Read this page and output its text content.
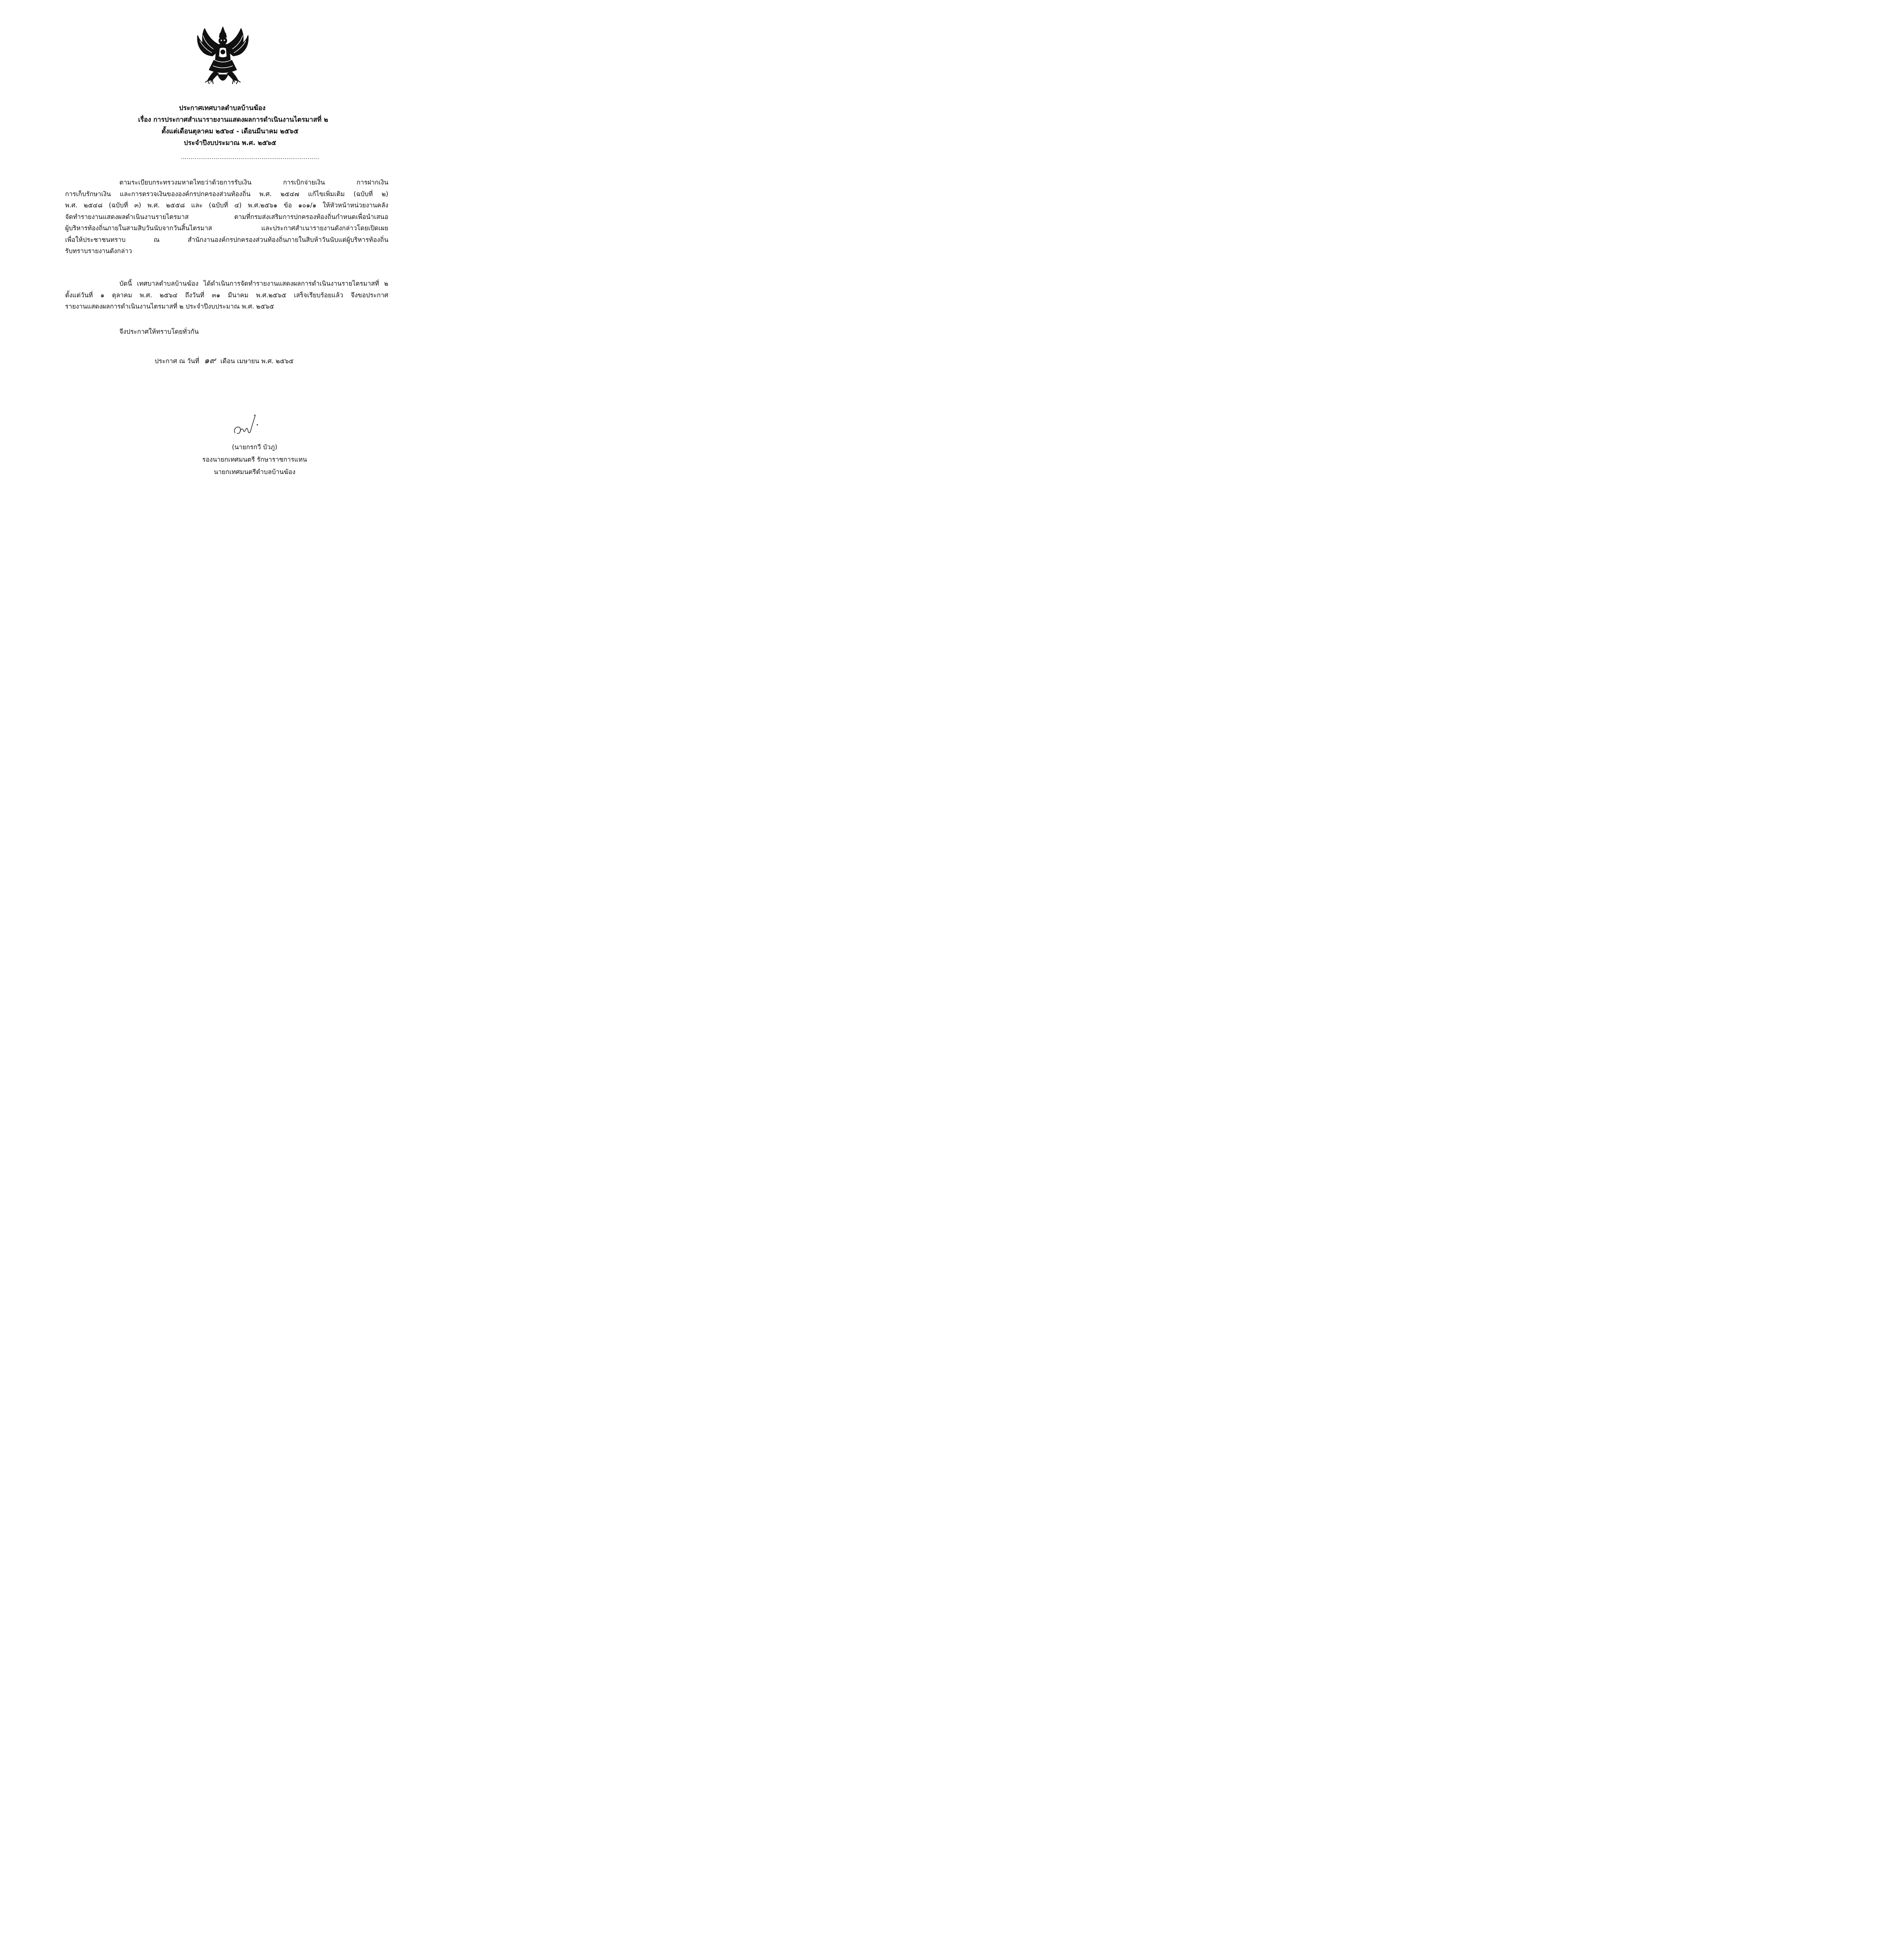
ประกาศเทศบาลตำบลบ้านฆ้อง
เรื่อง การประกาศสำเนารายงานแสดงผลการดำเนินงานไตรมาสที่ ๒
ตั้งแต่เดือนตุลาคม ๒๕๖๔ - เดือนมีนาคม ๒๕๖๕
ประจำปีงบประมาณ พ.ศ. ๒๕๖๕
........................................................................
ตามระเบียบกระทรวงมหาดไทยว่าด้วยการรับเงิน การเบิกจ่ายเงิน การฝากเงิน
การเก็บรักษาเงิน และการตรวจเงินขององค์กรปกครองส่วนท้องถิ่น พ.ศ. ๒๕๔๗ แก้ไขเพิ่มเติม (ฉบับที่ ๒)
พ.ศ. ๒๕๔๘ (ฉบับที่ ๓) พ.ศ. ๒๕๕๘ และ (ฉบับที่ ๔) พ.ศ.๒๕๖๑ ข้อ ๑๐๑/๑ ให้หัวหน้าหน่วยงานคลัง
จัดทำรายงานแสดงผลดำเนินงานรายไตรมาส ตามที่กรมส่งเสริมการปกครองท้องถิ่นกำหนดเพื่อนำเสนอ
ผู้บริหารท้องถิ่นภายในสามสิบวันนับจากวันสิ้นไตรมาส และประกาศสำเนารายงานดังกล่าวโดยเปิดเผย
เพื่อให้ประชาชนทราบ ณ สำนักงานองค์กรปกครองส่วนท้องถิ่นภายในสิบห้าวันนับแต่ผู้บริหารท้องถิ่น
รับทราบรายงานดังกล่าว
บัดนี้ เทศบาลตำบลบ้านฆ้อง ได้ดำเนินการจัดทำรายงานแสดงผลการดำเนินงานรายไตรมาสที่ ๒
ตั้งแต่วันที่ ๑ ตุลาคม พ.ศ. ๒๕๖๔ ถึงวันที่ ๓๑ มีนาคม พ.ศ.๒๕๖๕ เสร็จเรียบร้อยแล้ว จึงขอประกาศ
รายงานแสดงผลการดำเนินงานไตรมาสที่ ๒ ประจำปีงบประมาณ พ.ศ. ๒๕๖๕
จึงประกาศให้ทราบโดยทั่วกัน
ประกาศ ณ วันที่ ๑๙ เดือน เมษายน พ.ศ. ๒๕๖๕
(นายกรกวี บัวภู)
รองนายกเทศมนตรี รักษาราชการแทน
นายกเทศมนตรีตำบลบ้านฆ้อง
